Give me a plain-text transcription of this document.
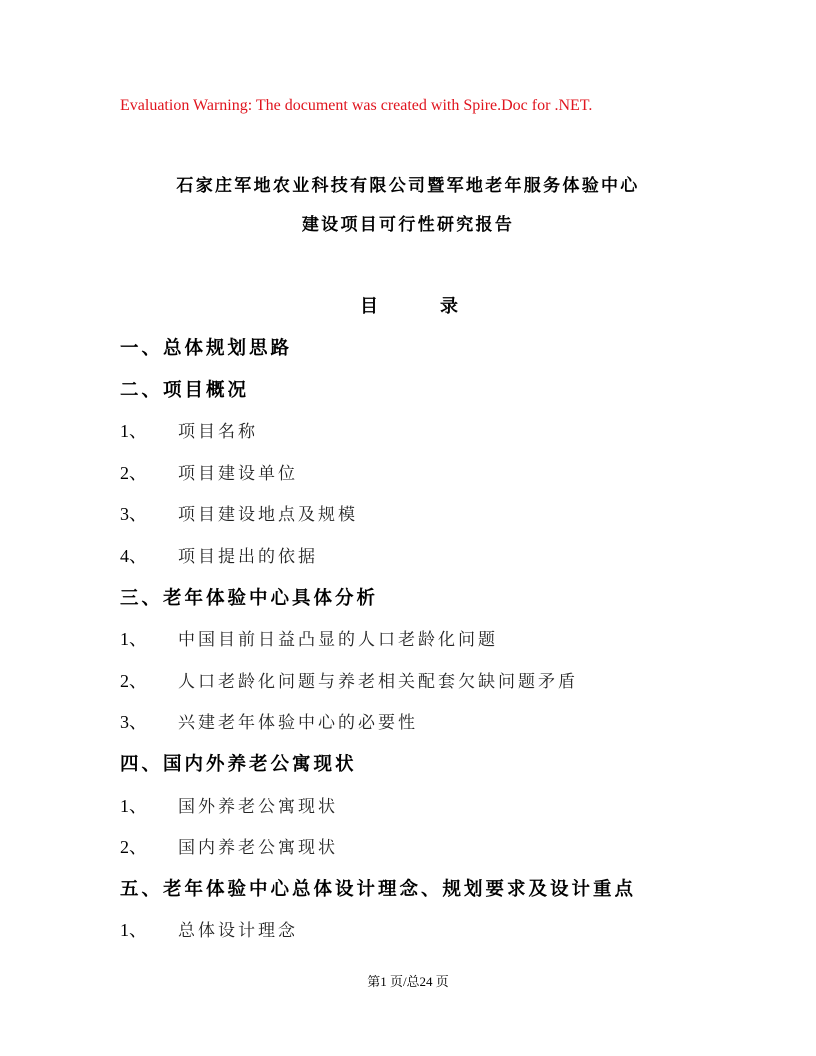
Evaluation Warning: The document was created with Spire.Doc for .NET.
石家庄军地农业科技有限公司暨军地老年服务体验中心
建设项目可行性研究报告
目	录
一、总体规划思路
二、项目概况
1、 项目名称
2、 项目建设单位
3、 项目建设地点及规模
4、 项目提出的依据
三、老年体验中心具体分析
1、 中国目前日益凸显的人口老龄化问题
2、 人口老龄化问题与养老相关配套欠缺问题矛盾
3、 兴建老年体验中心的必要性
四、国内外养老公寓现状
1、 国外养老公寓现状
2、 国内养老公寓现状
五、老年体验中心总体设计理念、规划要求及设计重点
1、 总体设计理念
第1 页/总24 页
